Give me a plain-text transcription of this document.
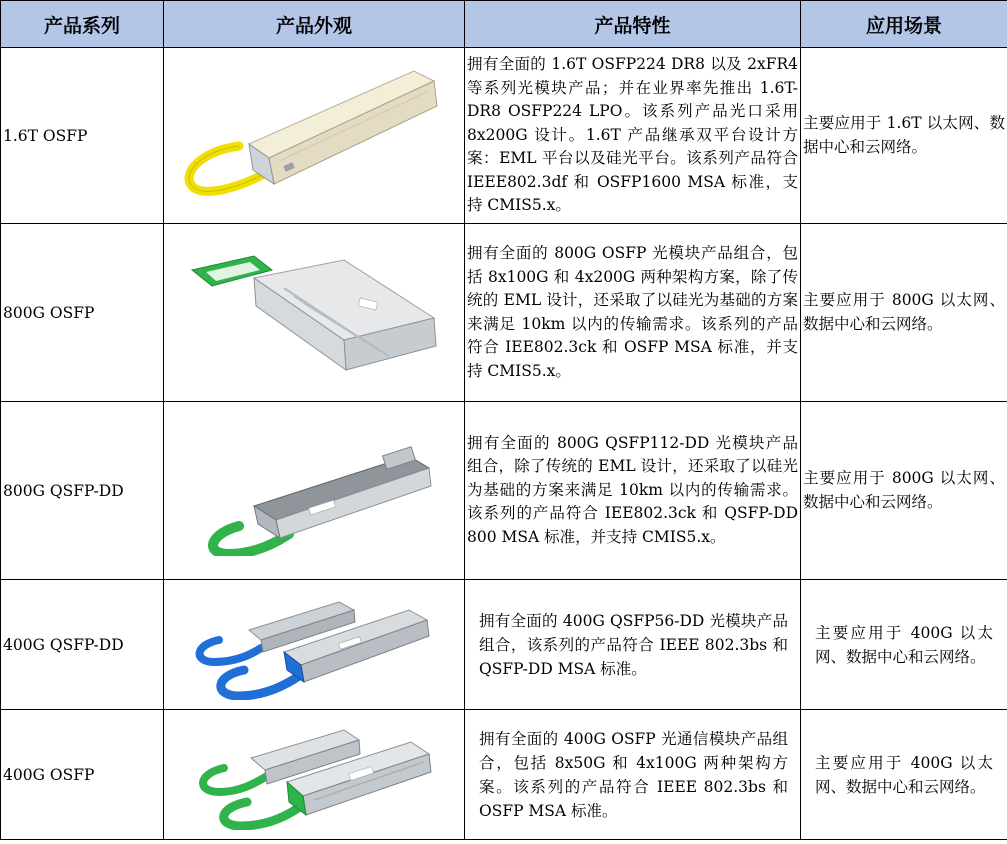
产品系列	产品外观	产品特性	应用场景
1.6T OSFP		拥有全面的 1.6T OSFP224 DR8 以及 2xFR4 等系列光模块产品；并在业界率先推出 1.6T-DR8 OSFP224 LPO。该系列产品光口采用 8x200G 设计。1.6T 产品继承双平台设计方案：EML 平台以及硅光平台。该系列产品符合 IEEE802.3df 和 OSFP1600 MSA 标准，支持 CMIS5.x。	主要应用于 1.6T 以太网、数据中心和云网络。
800G OSFP		拥有全面的 800G OSFP 光模块产品组合，包括 8x100G 和 4x200G 两种架构方案，除了传统的 EML 设计，还采取了以硅光为基础的方案来满足 10km 以内的传输需求。该系列的产品符合 IEE802.3ck 和 OSFP MSA 标准，并支持 CMIS5.x。	主要应用于 800G 以太网、数据中心和云网络。
800G QSFP-DD		拥有全面的 800G QSFP112-DD 光模块产品组合，除了传统的 EML 设计，还采取了以硅光为基础的方案来满足 10km 以内的传输需求。该系列的产品符合 IEE802.3ck 和 QSFP-DD 800 MSA 标准，并支持 CMIS5.x。	主要应用于 800G 以太网、数据中心和云网络。
400G QSFP-DD		拥有全面的 400G QSFP56-DD 光模块产品组合，该系列的产品符合 IEEE 802.3bs 和 QSFP-DD MSA 标准。	主要应用于 400G 以太网、数据中心和云网络。
400G OSFP		拥有全面的 400G OSFP 光通信模块产品组合，包括 8x50G 和 4x100G 两种架构方案。该系列的产品符合 IEEE 802.3bs 和 OSFP MSA 标准。	主要应用于 400G 以太网、数据中心和云网络。
